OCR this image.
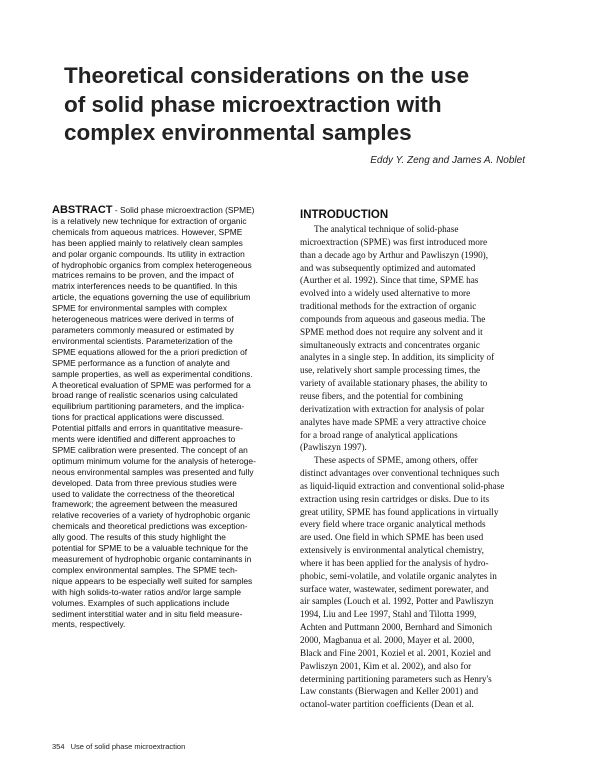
Theoretical considerations on the use
of solid phase microextraction with
complex environmental samples
Eddy Y. Zeng and James A. Noblet
ABSTRACT - Solid phase microextraction (SPME)
is a relatively new technique for extraction of organic
chemicals from aqueous matrices. However, SPME
has been applied mainly to relatively clean samples
and polar organic compounds. Its utility in extraction
of hydrophobic organics from complex heterogeneous
matrices remains to be proven, and the impact of
matrix interferences needs to be quantified. In this
article, the equations governing the use of equilibrium
SPME for environmental samples with complex
heterogeneous matrices were derived in terms of
parameters commonly measured or estimated by
environmental scientists. Parameterization of the
SPME equations allowed for the a priori prediction of
SPME performance as a function of analyte and
sample properties, as well as experimental conditions.
A theoretical evaluation of SPME was performed for a
broad range of realistic scenarios using calculated
equilibrium partitioning parameters, and the implica-
tions for practical applications were discussed.
Potential pitfalls and errors in quantitative measure-
ments were identified and different approaches to
SPME calibration were presented. The concept of an
optimum minimum volume for the analysis of heteroge-
neous environmental samples was presented and fully
developed. Data from three previous studies were
used to validate the correctness of the theoretical
framework; the agreement between the measured
relative recoveries of a variety of hydrophobic organic
chemicals and theoretical predictions was exception-
ally good. The results of this study highlight the
potential for SPME to be a valuable technique for the
measurement of hydrophobic organic contaminants in
complex environmental samples. The SPME tech-
nique appears to be especially well suited for samples
with high solids-to-water ratios and/or large sample
volumes. Examples of such applications include
sediment interstitial water and in situ field measure-
ments, respectively.
INTRODUCTION
The analytical technique of solid-phase
microextraction (SPME) was first introduced more
than a decade ago by Arthur and Pawliszyn (1990),
and was subsequently optimized and automated
(Aurther et al. 1992). Since that time, SPME has
evolved into a widely used alternative to more
traditional methods for the extraction of organic
compounds from aqueous and gaseous media. The
SPME method does not require any solvent and it
simultaneously extracts and concentrates organic
analytes in a single step. In addition, its simplicity of
use, relatively short sample processing times, the
variety of available stationary phases, the ability to
reuse fibers, and the potential for combining
derivatization with extraction for analysis of polar
analytes have made SPME a very attractive choice
for a broad range of analytical applications
(Pawliszyn 1997).
These aspects of SPME, among others, offer
distinct advantages over conventional techniques such
as liquid-liquid extraction and conventional solid-phase
extraction using resin cartridges or disks. Due to its
great utility, SPME has found applications in virtually
every field where trace organic analytical methods
are used. One field in which SPME has been used
extensively is environmental analytical chemistry,
where it has been applied for the analysis of hydro-
phobic, semi-volatile, and volatile organic analytes in
surface water, wastewater, sediment porewater, and
air samples (Louch et al. 1992, Potter and Pawliszyn
1994, Liu and Lee 1997, Stahl and Tilotta 1999,
Achten and Puttmann 2000, Bernhard and Simonich
2000, Magbanua et al. 2000, Mayer et al. 2000,
Black and Fine 2001, Koziel et al. 2001, Koziel and
Pawliszyn 2001, Kim et al. 2002), and also for
determining partitioning parameters such as Henry's
Law constants (Bierwagen and Keller 2001) and
octanol-water partition coefficients (Dean et al.
354 Use of solid phase microextraction
